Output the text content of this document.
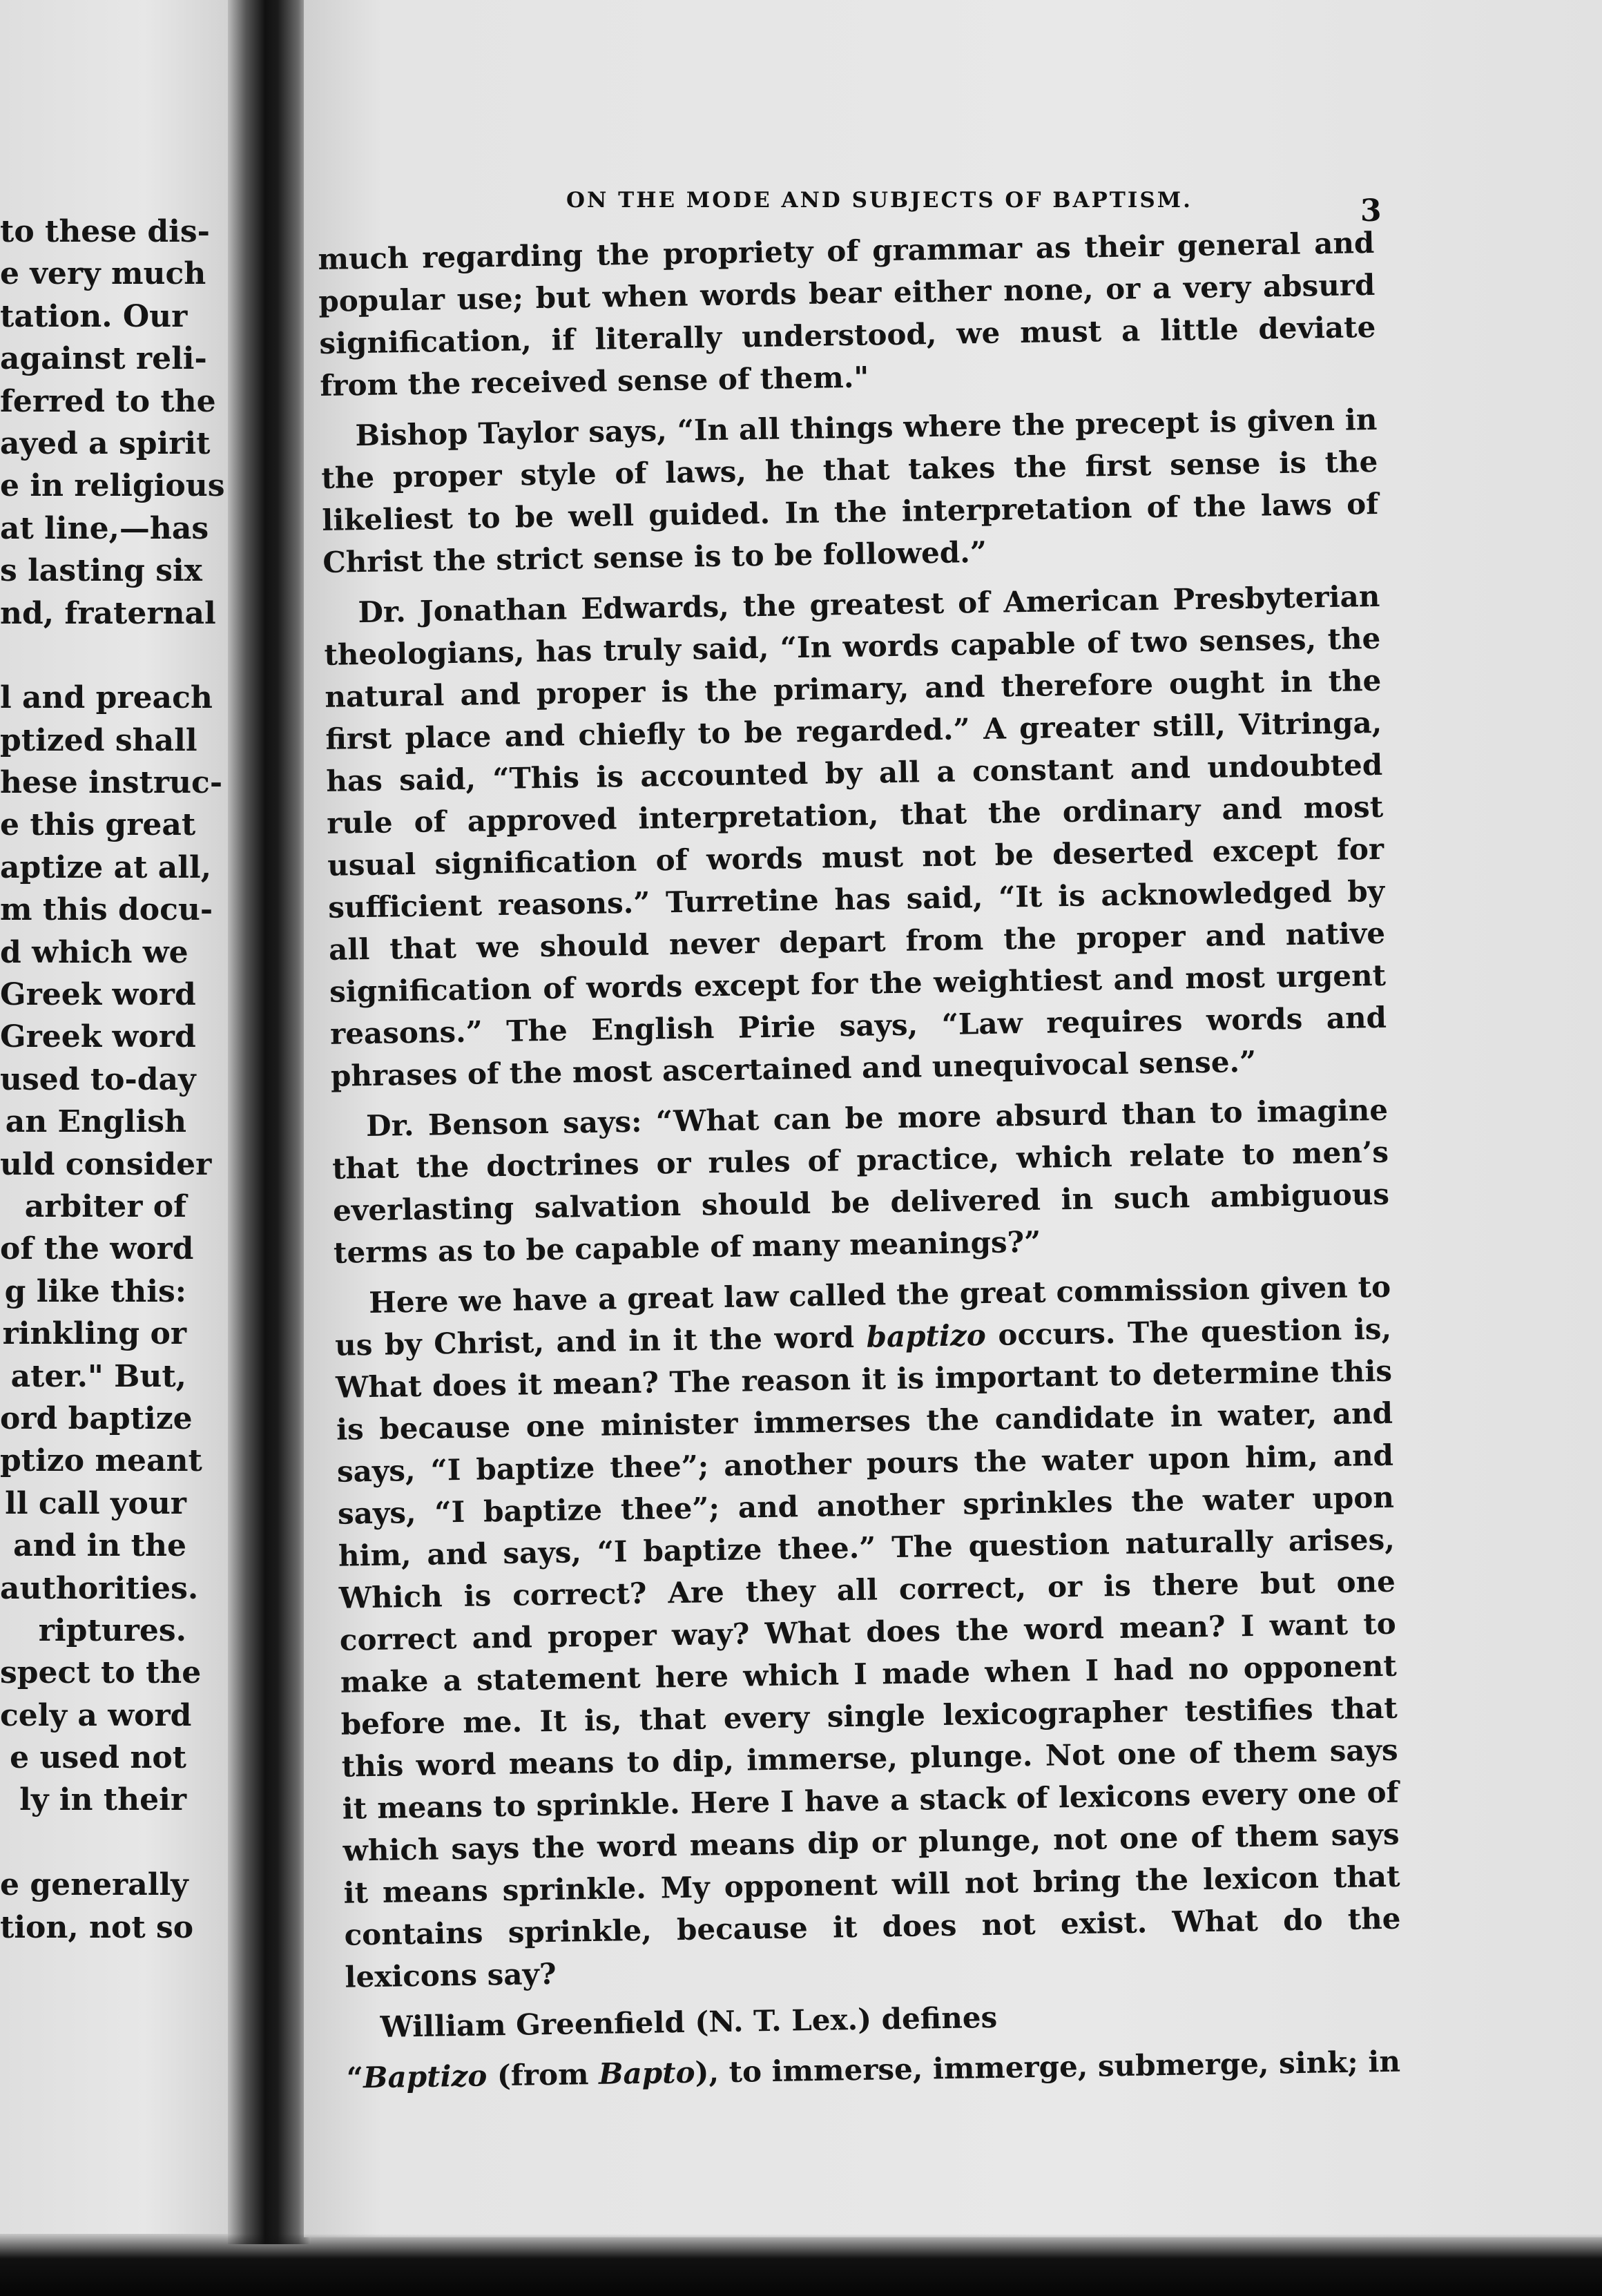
to these dis-
e very much
tation. Our
against reli-
ferred to the
ayed a spirit
e in religious
at line,—has
s lasting six
nd, fraternal
l and preach
ptized shall
hese instruc-
e this great
aptize at all,
m this docu-
d which we
Greek word
Greek word
used to-day
an English
uld consider
arbiter of
of the word
g like this:
rinkling or
ater." But,
ord baptize
ptizo meant
ll call your
and in the
authorities.
riptures.
spect to the
cely a word
e used not
ly in their
e generally
tion, not so
ON THE MODE AND SUBJECTS OF BAPTISM.	3

much regarding the propriety of grammar as their general and popular use; but when words bear either none, or a very absurd signification, if literally understood, we must a little deviate from the received sense of them."

Bishop Taylor says, “In all things where the precept is given in the proper style of laws, he that takes the first sense is the likeliest to be well guided. In the interpretation of the laws of Christ the strict sense is to be followed.”

Dr. Jonathan Edwards, the greatest of American Presbyterian theologians, has truly said, “In words capable of two senses, the natural and proper is the primary, and therefore ought in the first place and chiefly to be regarded.” A greater still, Vitringa, has said, “This is accounted by all a constant and undoubted rule of approved interpretation, that the ordinary and most usual signification of words must not be deserted except for sufficient reasons.” Turretine has said, “It is acknowledged by all that we should never depart from the proper and native signification of words except for the weightiest and most urgent reasons.” The English Pirie says, “Law requires words and phrases of the most ascertained and unequivocal sense.”

Dr. Benson says: “What can be more absurd than to imagine that the doctrines or rules of practice, which relate to men’s everlasting salvation should be delivered in such ambiguous terms as to be capable of many meanings?”

Here we have a great law called the great commission given to us by Christ, and in it the word baptizo occurs. The question is, What does it mean? The reason it is important to determine this is because one minister immerses the candidate in water, and says, “I baptize thee”; another pours the water upon him, and says, “I baptize thee”; and another sprinkles the water upon him, and says, “I baptize thee.” The question naturally arises, Which is correct? Are they all correct, or is there but one correct and proper way? What does the word mean? I want to make a statement here which I made when I had no opponent before me. It is, that every single lexicographer testifies that this word means to dip, immerse, plunge. Not one of them says it means to sprinkle. Here I have a stack of lexicons every one of which says the word means dip or plunge, not one of them says it means sprinkle. My opponent will not bring the lexicon that contains sprinkle, because it does not exist. What do the lexicons say?

William Greenfield (N. T. Lex.) defines

“Baptizo (from Bapto), to immerse, immerge, submerge, sink; in
